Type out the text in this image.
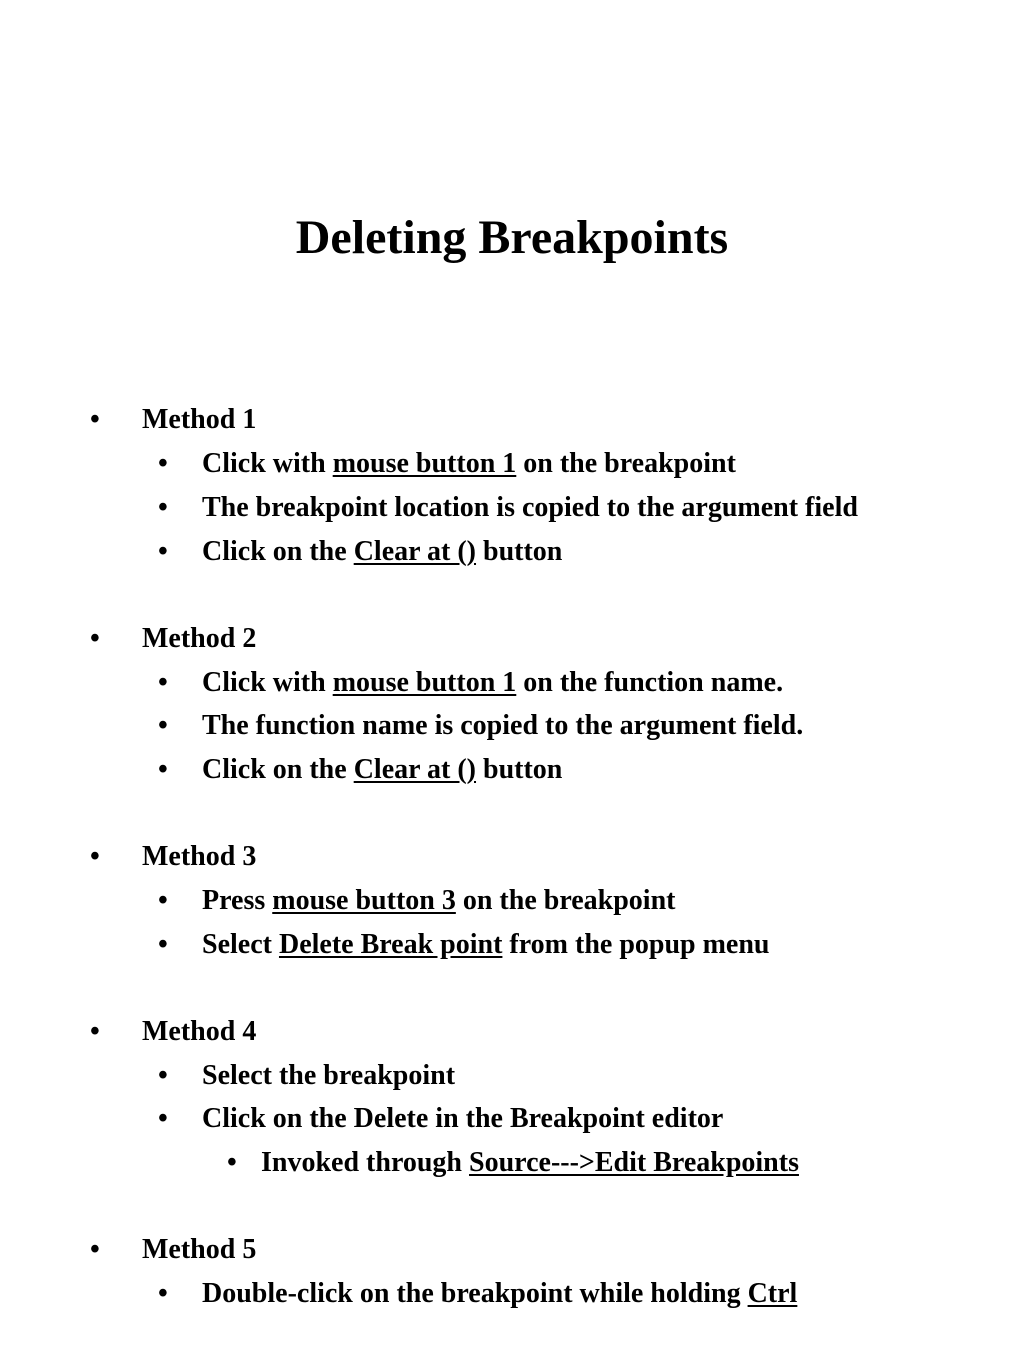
Deleting Breakpoints
• Method 1
• Click with mouse button 1 on the breakpoint
• The breakpoint location is copied to the argument field
• Click on the Clear at () button
• Method 2
• Click with mouse button 1 on the function name.
• The function name is copied to the argument field.
• Click on the Clear at () button
• Method 3
• Press mouse button 3 on the breakpoint
• Select Delete Break point from the popup menu
• Method 4
• Select the breakpoint
• Click on the Delete in the Breakpoint editor
• Invoked through Source--->Edit Breakpoints
• Method 5
• Double-click on the breakpoint while holding Ctrl
